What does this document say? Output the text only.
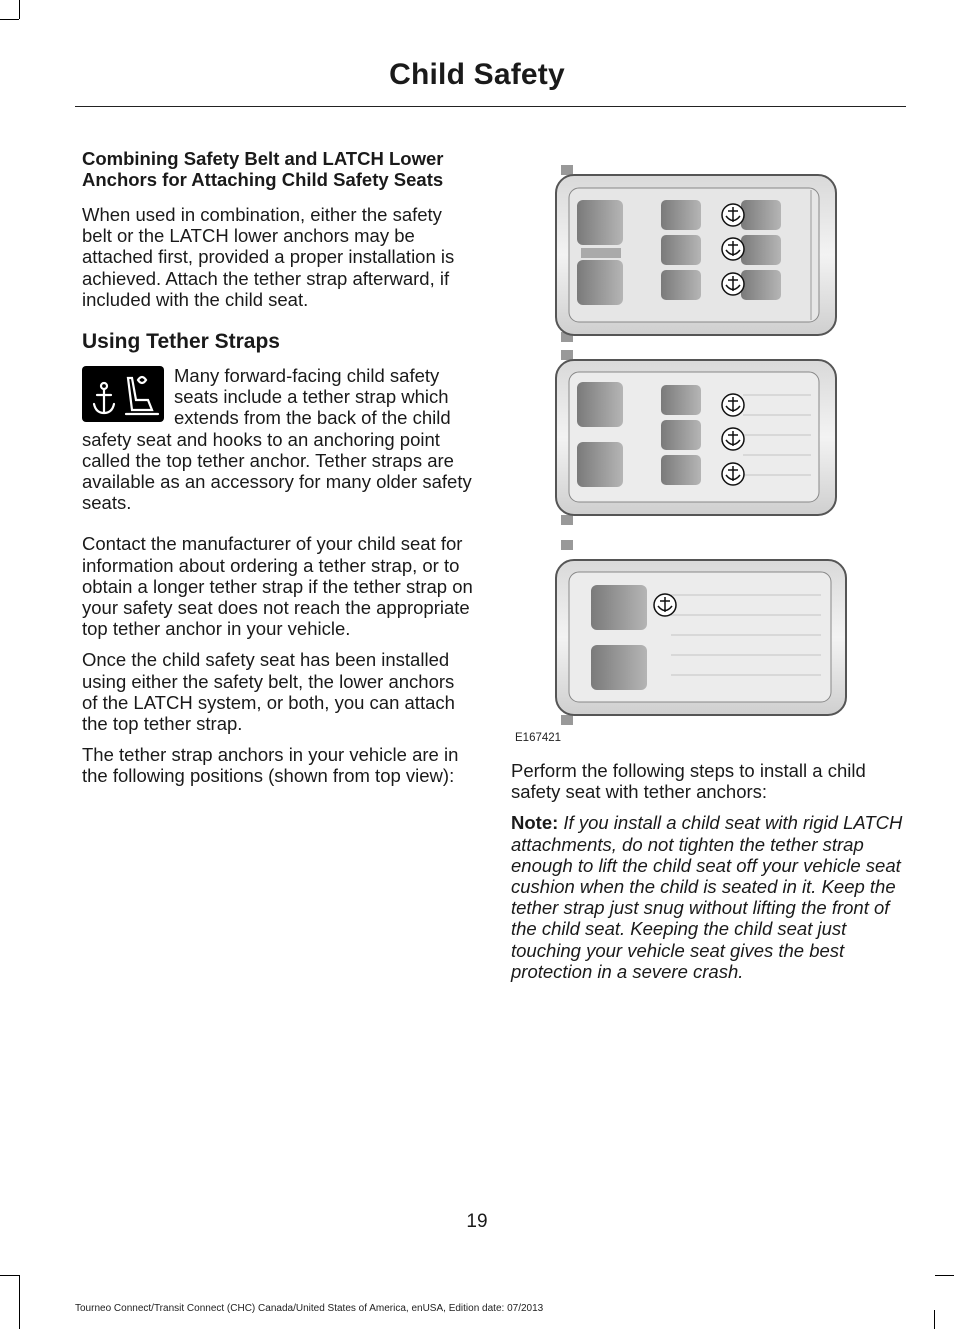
Child Safety
Combining Safety Belt and LATCH Lower Anchors for Attaching Child Safety Seats

When used in combination, either the safety belt or the LATCH lower anchors may be attached first, provided a proper installation is achieved. Attach the tether strap afterward, if included with the child seat.

Using Tether Straps

Many forward-facing child safety seats include a tether strap which extends from the back of the child safety seat and hooks to an anchoring point called the top tether anchor. Tether straps are available as an accessory for many older safety seats.

Contact the manufacturer of your child seat for information about ordering a tether strap, or to obtain a longer tether strap if the tether strap on your safety seat does not reach the appropriate top tether anchor in your vehicle.

Once the child safety seat has been installed using either the safety belt, the lower anchors of the LATCH system, or both, you can attach the top tether strap.

The tether strap anchors in your vehicle are in the following positions (shown from top view):

E167421

Perform the following steps to install a child safety seat with tether anchors:

Note: If you install a child seat with rigid LATCH attachments, do not tighten the tether strap enough to lift the child seat off your vehicle seat cushion when the child is seated in it. Keep the tether strap just snug without lifting the front of the child seat. Keeping the child seat just touching your vehicle seat gives the best protection in a severe crash.

19
Tourneo Connect/Transit Connect (CHC) Canada/United States of America, enUSA, Edition date: 07/2013
